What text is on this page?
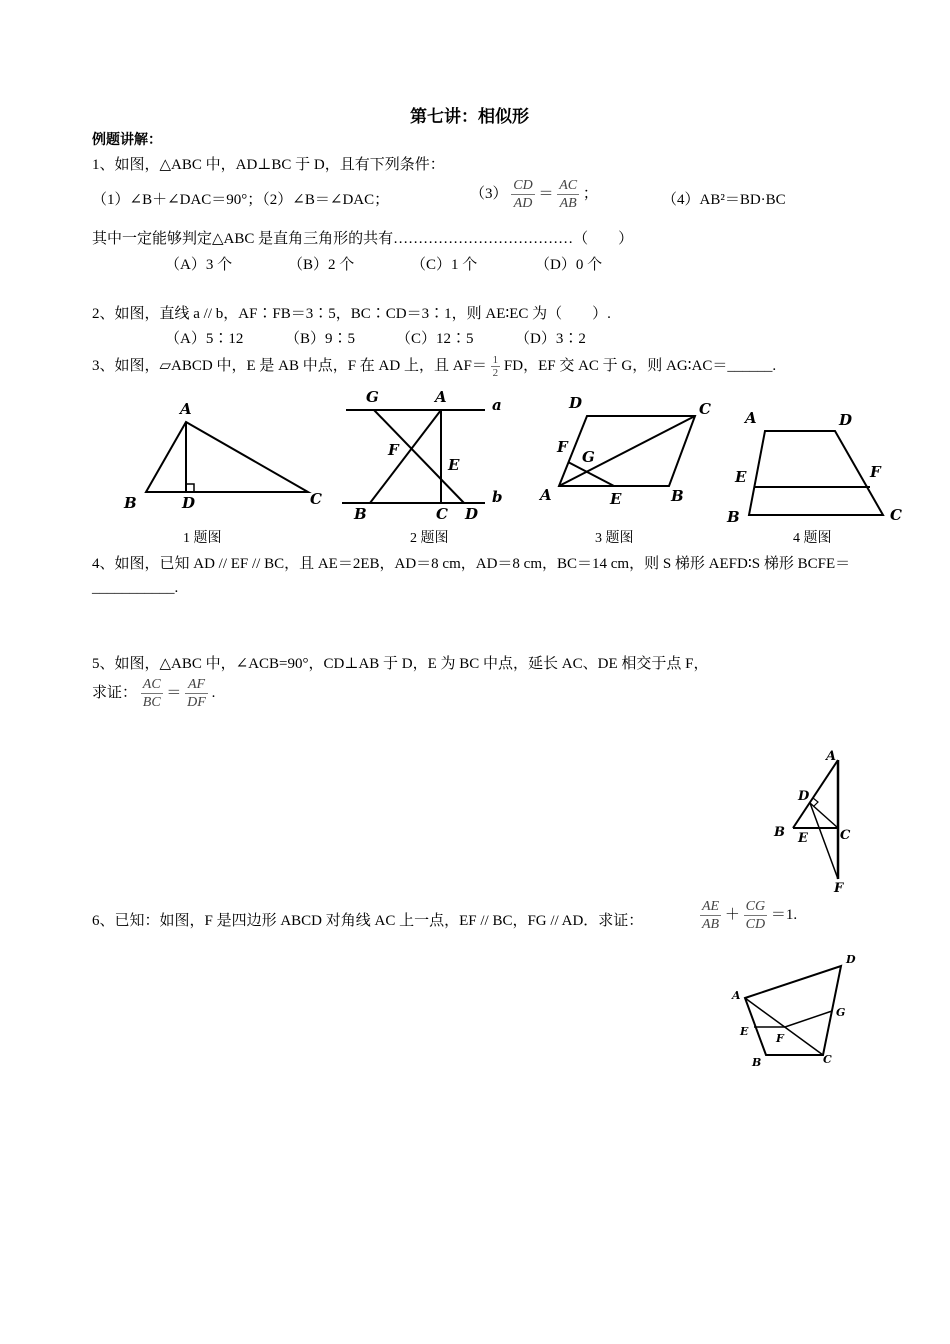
第七讲：相似形
例题讲解：
1、如图，△ABC 中，AD⊥BC 于 D，且有下列条件：
（1）∠B＋∠DAC＝90°；（2）∠B＝∠DAC；	$(3) \frac{CD}{AD} = \frac{AC}{AB}$ ；	（4）AB²＝BD·BC
其中一定能够判定△ABC 是直角三角形的共有………………………………（　　）
（A）3 个	（B）2 个	（C）1 个	（D）0 个
2、如图，直线 a // b，AF∶FB＝3∶5，BC∶CD＝3∶1，则 AE∶EC 为（　　）.
（A）5∶12	（B）9∶5	（C）12∶5	（D）3∶2
3、如图，▱ABCD 中，E 是 AB 中点，F 在 AD 上，且 $AF= \frac{1}{2}$ FD，EF 交 AC 于 G，则 AG∶AC＝______.
A
B	D	C
G	A	a
F
E
b
B	C D
D	C
F
G
A	E	B
A	D
E	F
B	C
1 题图	2 题图	3 题图	4 题图
4、如图，已知 AD // EF // BC，且 AE＝2EB，AD＝8 cm，AD＝8 cm，BC＝14 cm，则 S 梯形 AEFD∶S 梯形 BCFE＝
___________.
5、如图，△ABC 中，∠ACB=90°，CD⊥AB 于 D，E 为 BC 中点，延长 AC、DE 相交于点 F，
求证： $\frac{AC}{BC} = \frac{AF}{DF}$ .
A
D
B E C
F
6、已知：如图，F 是四边形 ABCD 对角线 AC 上一点，EF // BC，FG // AD．求证：	$\frac{AE}{AB} + \frac{CG}{CD} =1$.
D
A
G
E
F
B	C
